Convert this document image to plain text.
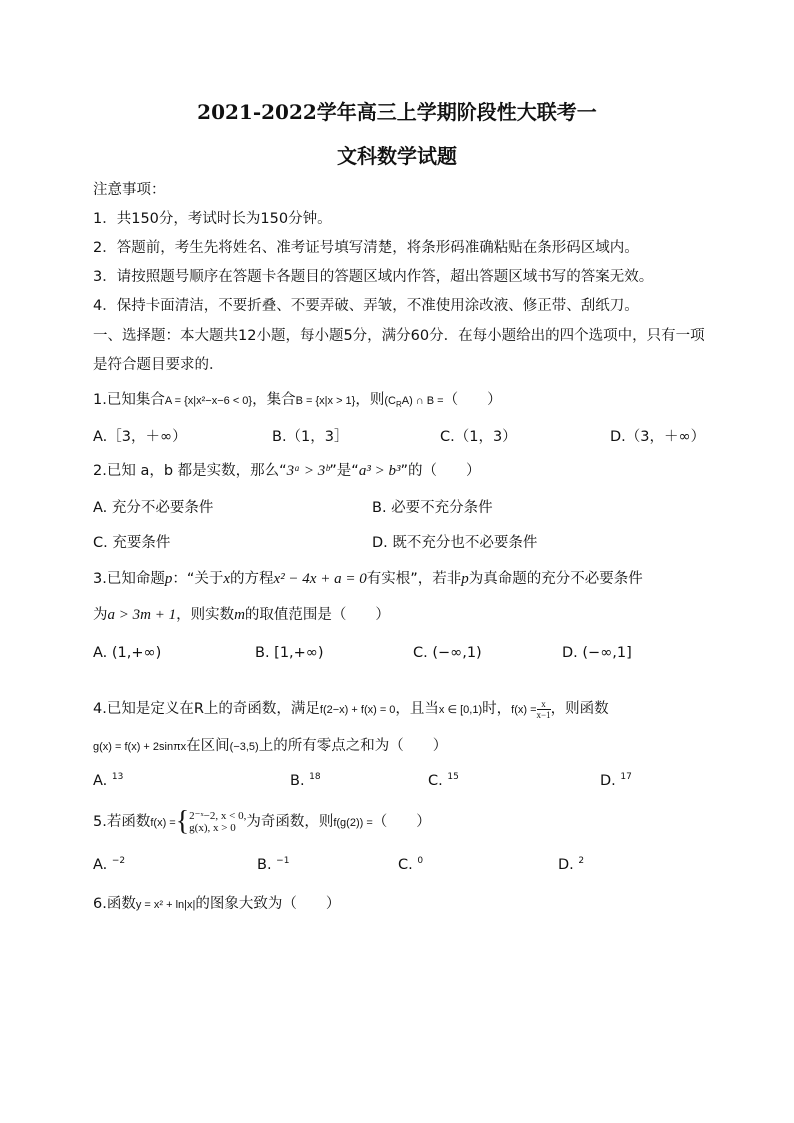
2021-2022学年高三上学期阶段性大联考一
文科数学试题
注意事项：
1．共150分，考试时长为150分钟。
2．答题前，考生先将姓名、准考证号填写清楚，将条形码准确粘贴在条形码区域内。
3．请按照题号顺序在答题卡各题目的答题区域内作答，超出答题区域书写的答案无效。
4．保持卡面清洁，不要折叠、不要弄破、弄皱，不准使用涂改液、修正带、刮纸刀。
一、选择题：本大题共12小题，每小题5分，满分60分．在每小题给出的四个选项中，只有一项
是符合题目要求的．
1.已知集合A = {x|x²−x−6 < 0}，集合B = {x|x > 1}，则$(C_RA)$ ∩ B =（　　）
A.［3，＋∞）	B.（1，3］	C.（1，3）	D.（3，＋∞）
2.已知 a，b 都是实数，那么“3ᵃ > 3ᵇ”是“a³ > b³”的（　　）
A. 充分不必要条件	B. 必要不充分条件
C. 充要条件	D. 既不充分也不必要条件
3.已知命题p：“关于x的方程x² − 4x + a = 0有实根”，若非p为真命题的充分不必要条件
为a > 3m + 1，则实数m的取值范围是（　　）
A. (1,+∞)	B. [1,+∞)	C. (−∞,1)	D. (−∞,1]
4.已知是定义在R上的奇函数，满足f(2−x) + f(x) = 0，且当x ∈ [0,1)时，$f(x) = \frac{x}{x-1}$ ，则函数
g(x) = f(x) + 2sinπx在区间(−3,5)上的所有零点之和为（　　）
A. $^{13}$	B. $^{18}$	C. $^{15}$	D. $^{17}$
5.若函数f(x) ={ 2⁻ˣ−2, x < 0,
g(x), x > 0 为奇函数，则f(g(2)) =（　　）
A. $^{-2}$	B. $^{-1}$	C. $^0$	D. $^2$
6.函数y = x² + ln|x|的图象大致为（　　）
